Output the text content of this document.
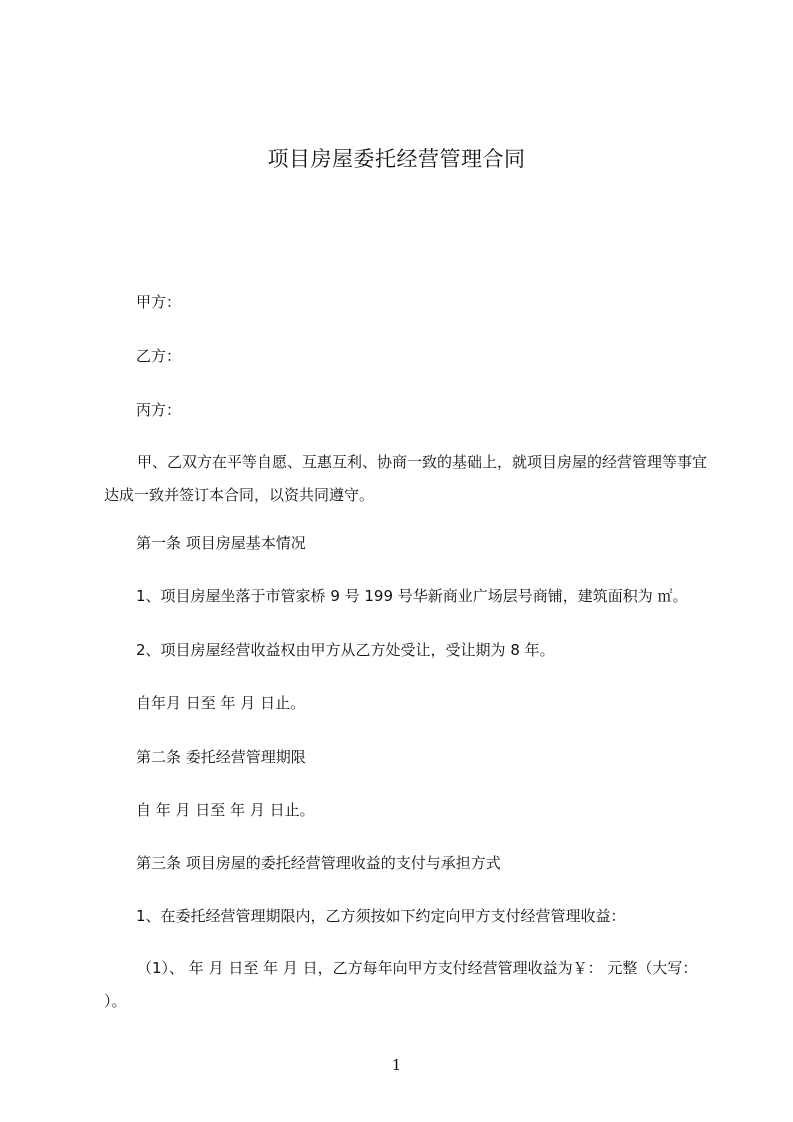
项目房屋委托经营管理合同

甲方：

乙方：

丙方：

甲、乙双方在平等自愿、互惠互利、协商一致的基础上，就项目房屋的经营管理等事宜达成一致并签订本合同，以资共同遵守。

第一条 项目房屋基本情况

1、项目房屋坐落于市管家桥 9 号 199 号华新商业广场层号商铺，建筑面积为 ㎡。

2、项目房屋经营收益权由甲方从乙方处受让，受让期为 8 年。

自年月 日至 年 月 日止。

第二条 委托经营管理期限

自 年 月 日至 年 月 日止。

第三条 项目房屋的委托经营管理收益的支付与承担方式

1、在委托经营管理期限内，乙方须按如下约定向甲方支付经营管理收益：

（1）、 年 月 日至 年 月 日，乙方每年向甲方支付经营管理收益为￥： 元整（大写： ）。

1
